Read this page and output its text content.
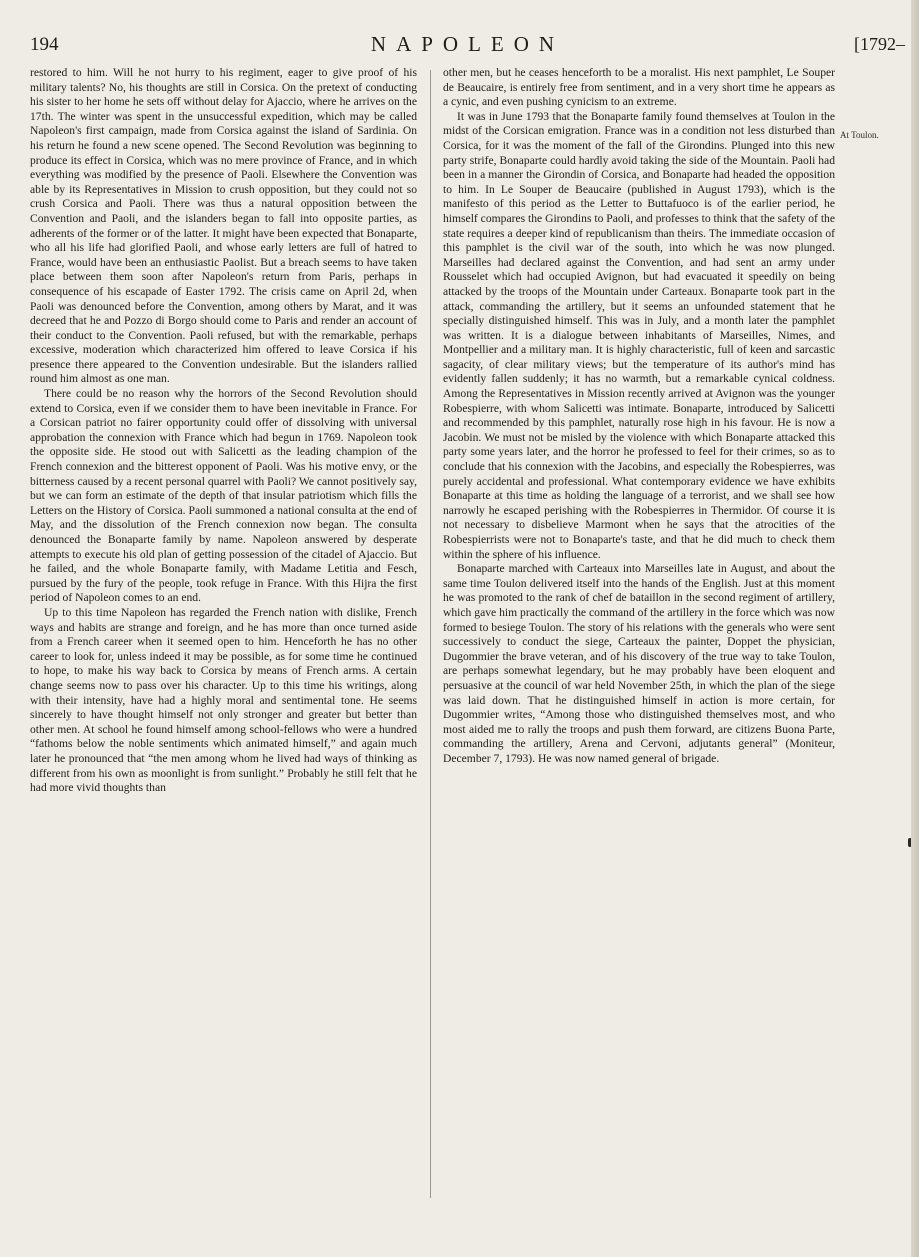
194	NAPOLEON	[1792–

restored to him. Will he not hurry to his regiment, eager to give proof of his military talents? No, his thoughts are still in Corsica. On the pretext of conducting his sister to her home he sets off without delay for Ajaccio, where he arrives on the 17th. The winter was spent in the unsuccessful expedition, which may be called Napoleon's first campaign, made from Corsica against the island of Sardinia. On his return he found a new scene opened. The Second Revolution was beginning to produce its effect in Corsica, which was no mere province of France, and in which everything was modified by the presence of Paoli. Elsewhere the Convention was able by its Representatives in Mission to crush opposition, but they could not so crush Corsica and Paoli. There was thus a natural opposition between the Convention and Paoli, and the islanders began to fall into opposite parties, as adherents of the former or of the latter. It might have been expected that Bonaparte, who all his life had glorified Paoli, and whose early letters are full of hatred to France, would have been an enthusiastic Paolist. But a breach seems to have taken place between them soon after Napoleon's return from Paris, perhaps in consequence of his escapade of Easter 1792. The crisis came on April 2d, when Paoli was denounced before the Convention, among others by Marat, and it was decreed that he and Pozzo di Borgo should come to Paris and render an account of their conduct to the Convention. Paoli refused, but with the remarkable, perhaps excessive, moderation which characterized him offered to leave Corsica if his presence there appeared to the Convention undesirable. But the islanders rallied round him almost as one man.

There could be no reason why the horrors of the Second Revolution should extend to Corsica, even if we consider them to have been inevitable in France. For a Corsican patriot no fairer opportunity could offer of dissolving with universal approbation the connexion with France which had begun in 1769. Napoleon took the opposite side. He stood out with Salicetti as the leading champion of the French connexion and the bitterest opponent of Paoli. Was his motive envy, or the bitterness caused by a recent personal quarrel with Paoli? We cannot positively say, but we can form an estimate of the depth of that insular patriotism which fills the Letters on the History of Corsica. Paoli summoned a national consulta at the end of May, and the dissolution of the French connexion now began. The consulta denounced the Bonaparte family by name. Napoleon answered by desperate attempts to execute his old plan of getting possession of the citadel of Ajaccio. But he failed, and the whole Bonaparte family, with Madame Letitia and Fesch, pursued by the fury of the people, took refuge in France. With this Hijra the first period of Napoleon comes to an end.

Up to this time Napoleon has regarded the French nation with dislike, French ways and habits are strange and foreign, and he has more than once turned aside from a French career when it seemed open to him. Henceforth he has no other career to look for, unless indeed it may be possible, as for some time he continued to hope, to make his way back to Corsica by means of French arms. A certain change seems now to pass over his character. Up to this time his writings, along with their intensity, have had a highly moral and sentimental tone. He seems sincerely to have thought himself not only stronger and greater but better than other men. At school he found himself among school-fellows who were a hundred “fathoms below the noble sentiments which animated himself,” and again much later he pronounced that “the men among whom he lived had ways of thinking as different from his own as moonlight is from sunlight.” Probably he still felt that he had more vivid thoughts than

other men, but he ceases henceforth to be a moralist. His next pamphlet, Le Souper de Beaucaire, is entirely free from sentiment, and in a very short time he appears as a cynic, and even pushing cynicism to an extreme.

It was in June 1793 that the Bonaparte family found themselves at Toulon in the midst of the Corsican emigration. France was in a condition not less disturbed than Corsica, for it was the moment of the fall of the Girondins. Plunged into this new party strife, Bonaparte could hardly avoid taking the side of the Mountain. Paoli had been in a manner the Girondin of Corsica, and Bonaparte had headed the opposition to him. In Le Souper de Beaucaire (published in August 1793), which is the manifesto of this period as the Letter to Buttafuoco is of the earlier period, he himself compares the Girondins to Paoli, and professes to think that the safety of the state requires a deeper kind of republicanism than theirs. The immediate occasion of this pamphlet is the civil war of the south, into which he was now plunged. Marseilles had declared against the Convention, and had sent an army under Rousselet which had occupied Avignon, but had evacuated it speedily on being attacked by the troops of the Mountain under Carteaux. Bonaparte took part in the attack, commanding the artillery, but it seems an unfounded statement that he specially distinguished himself. This was in July, and a month later the pamphlet was written. It is a dialogue between inhabitants of Marseilles, Nimes, and Montpellier and a military man. It is highly characteristic, full of keen and sarcastic sagacity, of clear military views; but the temperature of its author's mind has evidently fallen suddenly; it has no warmth, but a remarkable cynical coldness. Among the Representatives in Mission recently arrived at Avignon was the younger Robespierre, with whom Salicetti was intimate. Bonaparte, introduced by Salicetti and recommended by this pamphlet, naturally rose high in his favour. He is now a Jacobin. We must not be misled by the violence with which Bonaparte attacked this party some years later, and the horror he professed to feel for their crimes, so as to conclude that his connexion with the Jacobins, and especially the Robespierres, was purely accidental and professional. What contemporary evidence we have exhibits Bonaparte at this time as holding the language of a terrorist, and we shall see how narrowly he escaped perishing with the Robespierres in Thermidor. Of course it is not necessary to disbelieve Marmont when he says that the atrocities of the Robespierrists were not to Bonaparte's taste, and that he did much to check them within the sphere of his influence.

Bonaparte marched with Carteaux into Marseilles late in August, and about the same time Toulon delivered itself into the hands of the English. Just at this moment he was promoted to the rank of chef de bataillon in the second regiment of artillery, which gave him practically the command of the artillery in the force which was now formed to besiege Toulon. The story of his relations with the generals who were sent successively to conduct the siege, Carteaux the painter, Doppet the physician, Dugommier the brave veteran, and of his discovery of the true way to take Toulon, are perhaps somewhat legendary, but he may probably have been eloquent and persuasive at the council of war held November 25th, in which the plan of the siege was laid down. That he distinguished himself in action is more certain, for Dugommier writes, “Among those who distinguished themselves most, and who most aided me to rally the troops and push them forward, are citizens Buona Parte, commanding the artillery, Arena and Cervoni, adjutants general” (Moniteur, December 7, 1793). He was now named general of brigade.

At Toulon.
